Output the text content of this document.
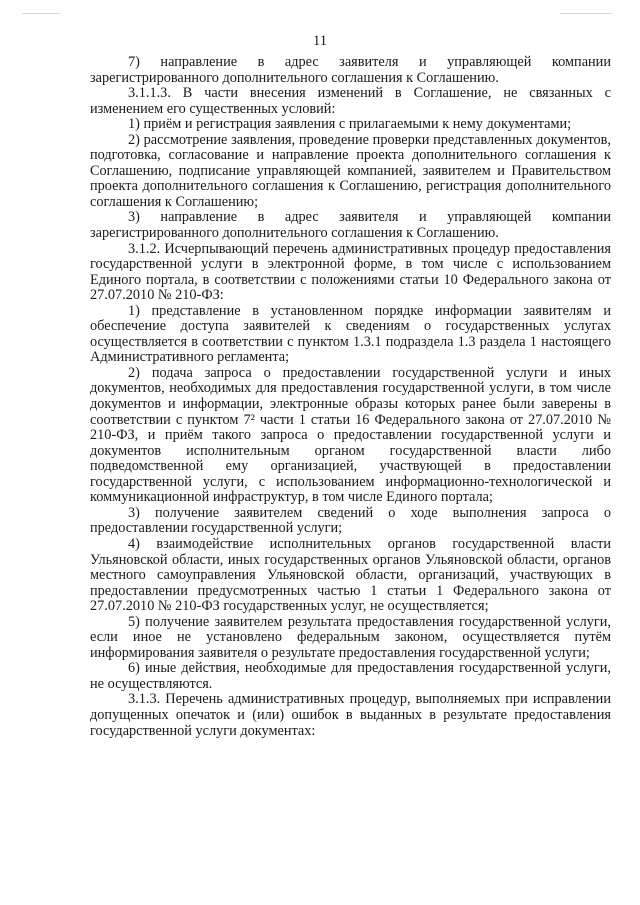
11

7) направление в адрес заявителя и управляющей компании зарегистрированного дополнительного соглашения к Соглашению.

3.1.1.3. В части внесения изменений в Соглашение, не связанных с изменением его существенных условий:

1) приём и регистрация заявления с прилагаемыми к нему документами;

2) рассмотрение заявления, проведение проверки представленных документов, подготовка, согласование и направление проекта дополнительного соглашения к Соглашению, подписание управляющей компанией, заявителем и Правительством проекта дополнительного соглашения к Соглашению, регистрация дополнительного соглашения к Соглашению;

3) направление в адрес заявителя и управляющей компании зарегистрированного дополнительного соглашения к Соглашению.

3.1.2. Исчерпывающий перечень административных процедур предоставления государственной услуги в электронной форме, в том числе с использованием Единого портала, в соответствии с положениями статьи 10 Федерального закона от 27.07.2010 № 210-ФЗ:

1) представление в установленном порядке информации заявителям и обеспечение доступа заявителей к сведениям о государственных услугах осуществляется в соответствии с пунктом 1.3.1 подраздела 1.3 раздела 1 настоящего Административного регламента;

2) подача запроса о предоставлении государственной услуги и иных документов, необходимых для предоставления государственной услуги, в том числе документов и информации, электронные образы которых ранее были заверены в соответствии с пунктом 7² части 1 статьи 16 Федерального закона от 27.07.2010 № 210-ФЗ, и приём такого запроса о предоставлении государственной услуги и документов исполнительным органом государственной власти либо подведомственной ему организацией, участвующей в предоставлении государственной услуги, с использованием информационно-технологической и коммуникационной инфраструктур, в том числе Единого портала;

3) получение заявителем сведений о ходе выполнения запроса о предоставлении государственной услуги;

4) взаимодействие исполнительных органов государственной власти Ульяновской области, иных государственных органов Ульяновской области, органов местного самоуправления Ульяновской области, организаций, участвующих в предоставлении предусмотренных частью 1 статьи 1 Федерального закона от 27.07.2010 № 210-ФЗ государственных услуг, не осуществляется;

5) получение заявителем результата предоставления государственной услуги, если иное не установлено федеральным законом, осуществляется путём информирования заявителя о результате предоставления государственной услуги;

6) иные действия, необходимые для предоставления государственной услуги, не осуществляются.

3.1.3. Перечень административных процедур, выполняемых при исправлении допущенных опечаток и (или) ошибок в выданных в результате предоставления государственной услуги документах:
